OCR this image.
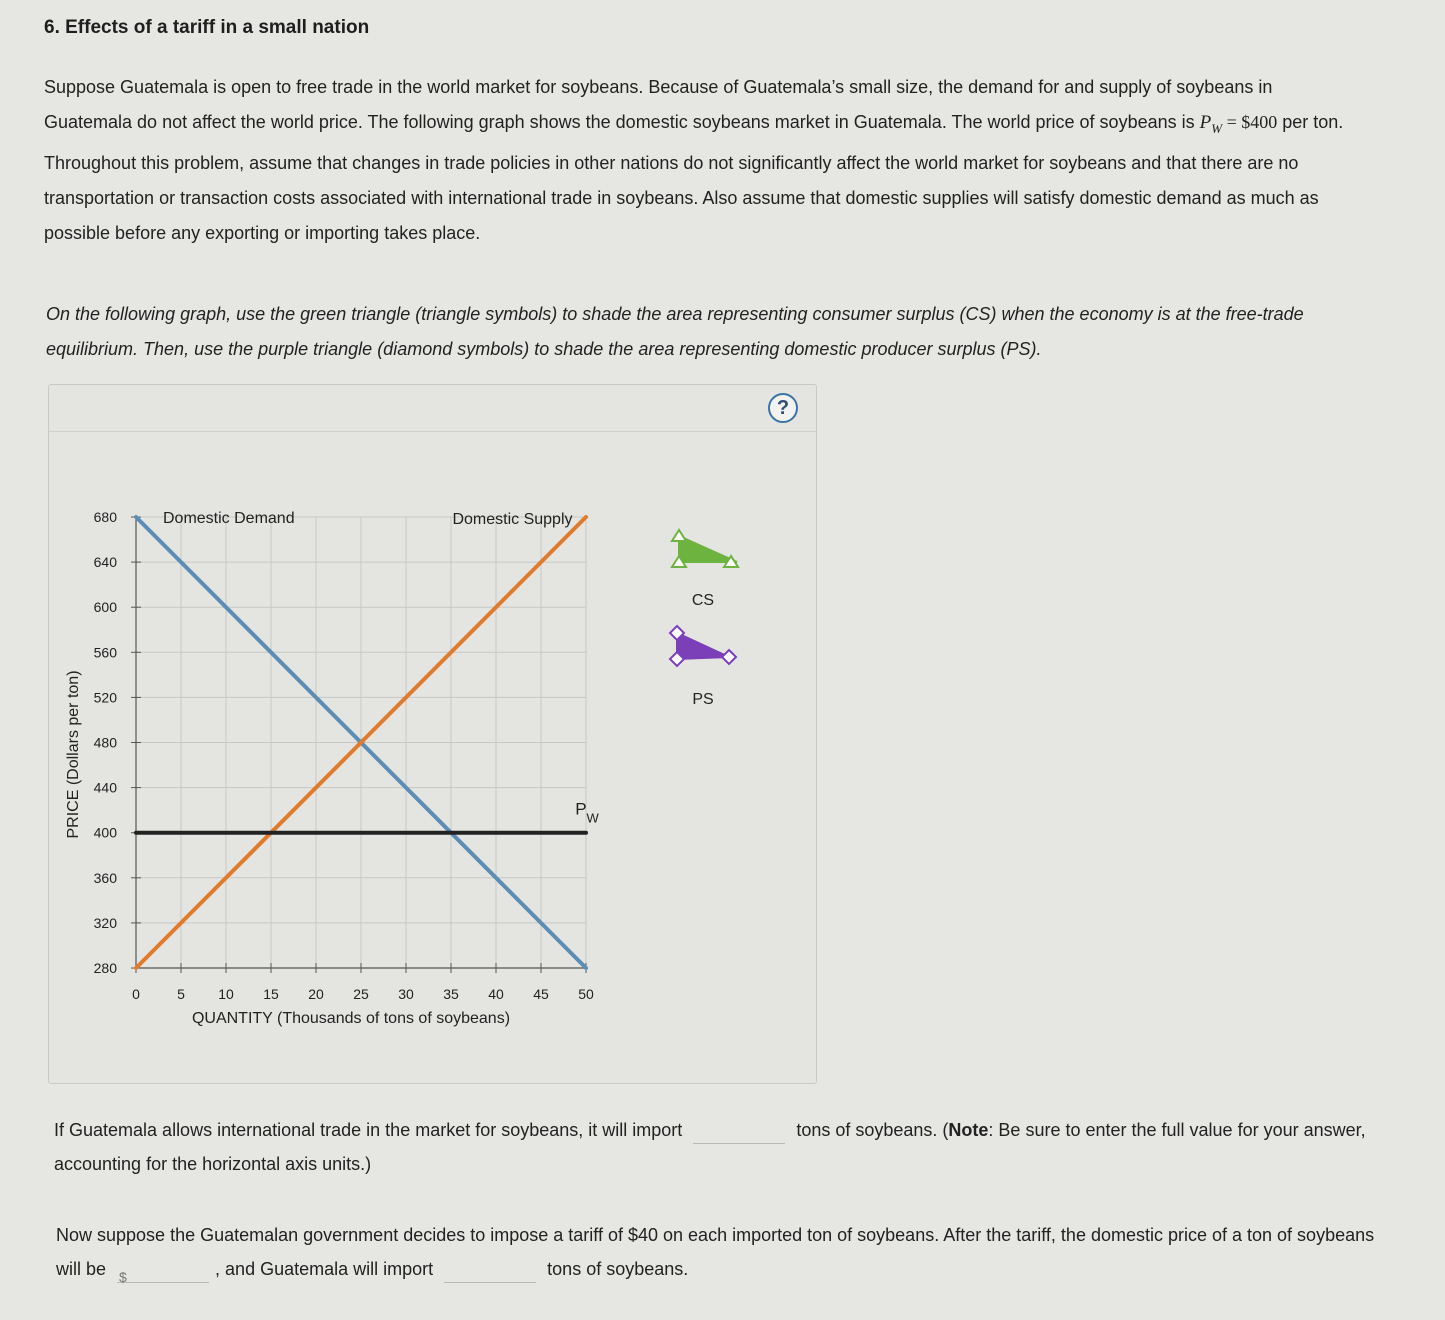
6. Effects of a tariff in a small nation

Suppose Guatemala is open to free trade in the world market for soybeans. Because of Guatemala’s small size, the demand for and supply of soybeans in Guatemala do not affect the world price. The following graph shows the domestic soybeans market in Guatemala. The world price of soybeans is $P_W$ = $400 per ton. Throughout this problem, assume that changes in trade policies in other nations do not significantly affect the world market for soybeans and that there are no transportation or transaction costs associated with international trade in soybeans. Also assume that domestic supplies will satisfy domestic demand as much as possible before any exporting or importing takes place.

On the following graph, use the green triangle (triangle symbols) to shade the area representing consumer surplus (CS) when the economy is at the free-trade equilibrium. Then, use the purple triangle (diamond symbols) to shade the area representing domestic producer surplus (PS).

?
0	5 10 15 20 25 30 35 40 45 50
280
320
360
400
440
480
520
560
600
640
680	Domestic Demand	Domestic Supply
$P_W$
QUANTITY (Thousands of tons of soybeans)
PRICE (Dollars per ton)
CS
PS
If Guatemala allows international trade in the market for soybeans, it will import	tons of soybeans. (Note: Be sure to enter the full value for your answer, accounting for the horizontal axis units.)
Now suppose the Guatemalan government decides to impose a tariff of $40 on each imported ton of soybeans. After the tariff, the domestic price of a ton of soybeans will be $	, and Guatemala will import	tons of soybeans.
